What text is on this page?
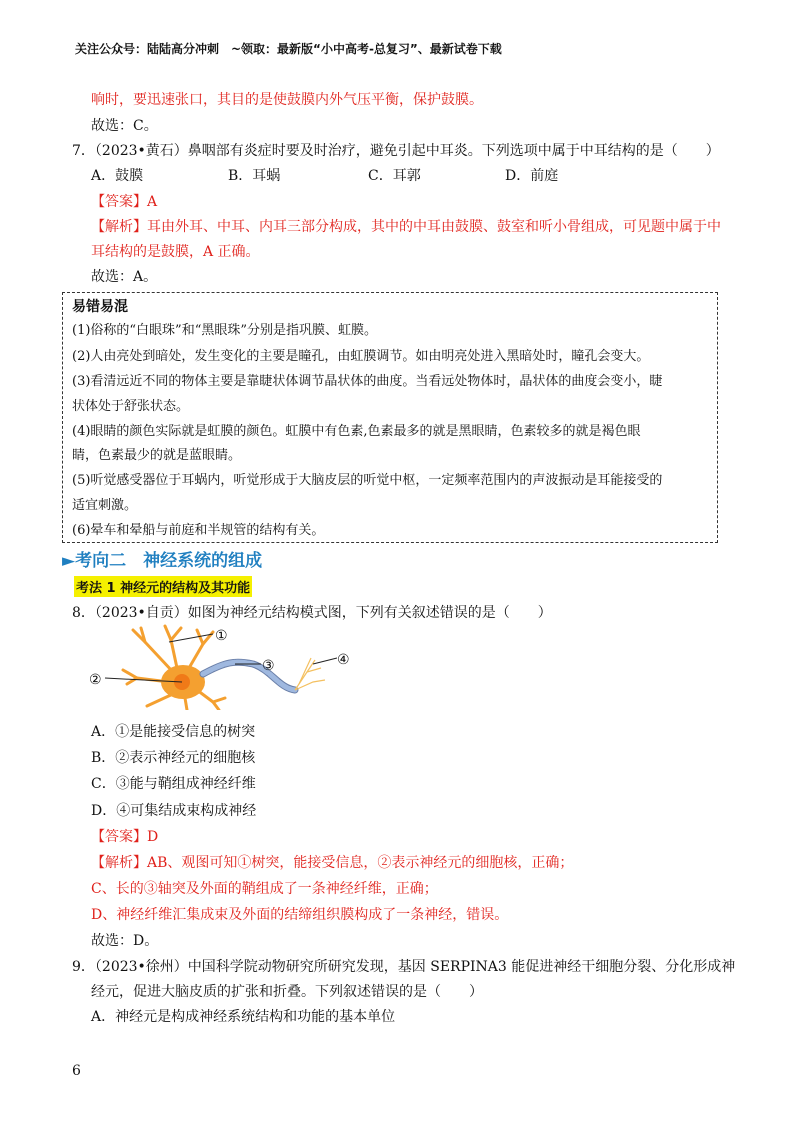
关注公众号：陆陆高分冲刺　~领取：最新版“小中高考-总复习”、最新试卷下载
响时，要迅速张口，其目的是使鼓膜内外气压平衡，保护鼓膜。
故选：C。
7．（2023•黄石）鼻咽部有炎症时要及时治疗，避免引起中耳炎。下列选项中属于中耳结构的是（　　）
A．鼓膜	B．耳蜗	C．耳郭	D．前庭
【答案】A
【解析】耳由外耳、中耳、内耳三部分构成，其中的中耳由鼓膜、鼓室和听小骨组成，可见题中属于中
耳结构的是鼓膜，A 正确。
故选：A。
易错易混
(1)俗称的“白眼珠”和“黑眼珠”分别是指巩膜、虹膜。
(2)人由亮处到暗处，发生变化的主要是瞳孔，由虹膜调节。如由明亮处进入黑暗处时，瞳孔会变大。
(3)看清远近不同的物体主要是靠睫状体调节晶状体的曲度。当看远处物体时，晶状体的曲度会变小，睫
状体处于舒张状态。
(4)眼睛的颜色实际就是虹膜的颜色。虹膜中有色素,色素最多的就是黑眼睛，色素较多的就是褐色眼
睛，色素最少的就是蓝眼睛。
(5)听觉感受器位于耳蜗内，听觉形成于大脑皮层的听觉中枢，一定频率范围内的声波振动是耳能接受的
适宜刺激。
(6)晕车和晕船与前庭和半规管的结构有关。
►考向二　神经系统的组成
考法 1 神经元的结构及其功能
8．（2023•自贡）如图为神经元结构模式图，下列有关叙述错误的是（　　）
①
②
③	④
A．①是能接受信息的树突
B．②表示神经元的细胞核
C．③能与鞘组成神经纤维
D．④可集结成束构成神经
【答案】D
【解析】AB、观图可知①树突，能接受信息，②表示神经元的细胞核，正确；
C、长的③轴突及外面的鞘组成了一条神经纤维，正确；
D、神经纤维汇集成束及外面的结缔组织膜构成了一条神经，错误。
故选：D。
9．（2023•徐州）中国科学院动物研究所研究发现，基因 SERPINA3 能促进神经干细胞分裂、分化形成神
经元，促进大脑皮质的扩张和折叠。下列叙述错误的是（　　）
A．神经元是构成神经系统结构和功能的基本单位
6
